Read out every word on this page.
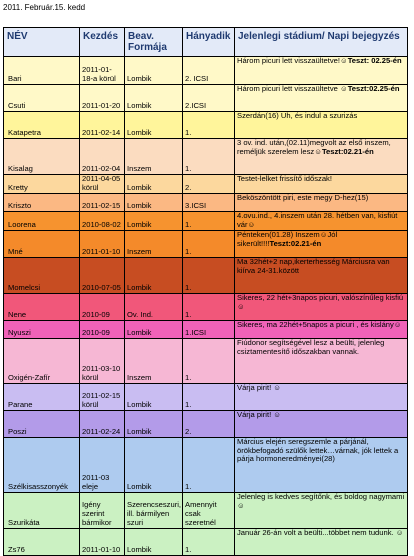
2011. Február.15. kedd
NÉV	Kezdés	Beav. Formája	Hányadik	Jelenlegi stádium/ Napi bejegyzés
Bari	2011-01-18-a körül	Lombik	2. ICSI	Három picuri lett visszaültetve!☺Teszt: 02.25-én
Csuti	2011-01-20	Lombik	2.ICSI	Három picuri lett visszaültetve ☺Teszt:02.25-én
Katapetra	2011-02-14	Lombik	1.	Szerdán(16) Uh, és indul a szurizás
Kisalag	2011-02-04	Inszem	1.	3 ov. ind. után,(02.11)megvolt az első inszem, reméljük szerelem lesz☺Teszt:02.21-én
Kretty	2011-04-05 körül	Lombik	2.	Testet-lelket frissítő időszak!
Kriszto	2011-02-15	Lombik	3.ICSI	Beköszöntött piri, este megy D-hez(15)
Loorena	2010-08-02	Lombik	1.	4.ovu.ind., 4.inszem után 28. hétben van, kisfiút vár☺
Mné	2011-01-10	Inszem	1.	Pénteken(01.28) Inszem☺Jól sikerült!!!!Teszt:02.21-én
Momelcsi	2010-07-05	Lombik	1.	Ma 32hét+2 nap,ikerterhesség Márciusra van kiírva 24-31.között
Nene	2010-09	Ov. Ind.	1.	Sikeres, 22 hét+3napos picuri, valószínűleg kisfiú ☺
Nyuszi	2010-09	Lombik	1.ICSI	Sikeres, ma 22hét+5napos a picuri , és kislány☺
Oxigén-Zafír	2011-03-10 körül	Inszem	1.	Fiúdonor segítségével lesz a beülti, jelenleg csiztamentesítő időszakban vannak.
Parane	2011-02-15 körül	Lombik	1.	Várja pirit! ☺
Poszi	2011-02-24	Lombik	2.	Várja pirit! ☺
Szélkisasszonyék	2011-03 eleje	Lombik	1.	Március elején seregszemle a párjánál, örökbefogadó szülők lettek…várnak, jók lettek a párja hormoneredményei(28)
Szurikáta	Igény szerint bármikor	Szerencseszuri, ill. bármilyen szuri	Amennyit csak szeretnél	Jelenleg is kedves segítőnk, és boldog nagymami ☺
Zs76	2011-01-10	Lombik	1.	Január 26-án volt a beülti...többet nem tudunk. ☺
